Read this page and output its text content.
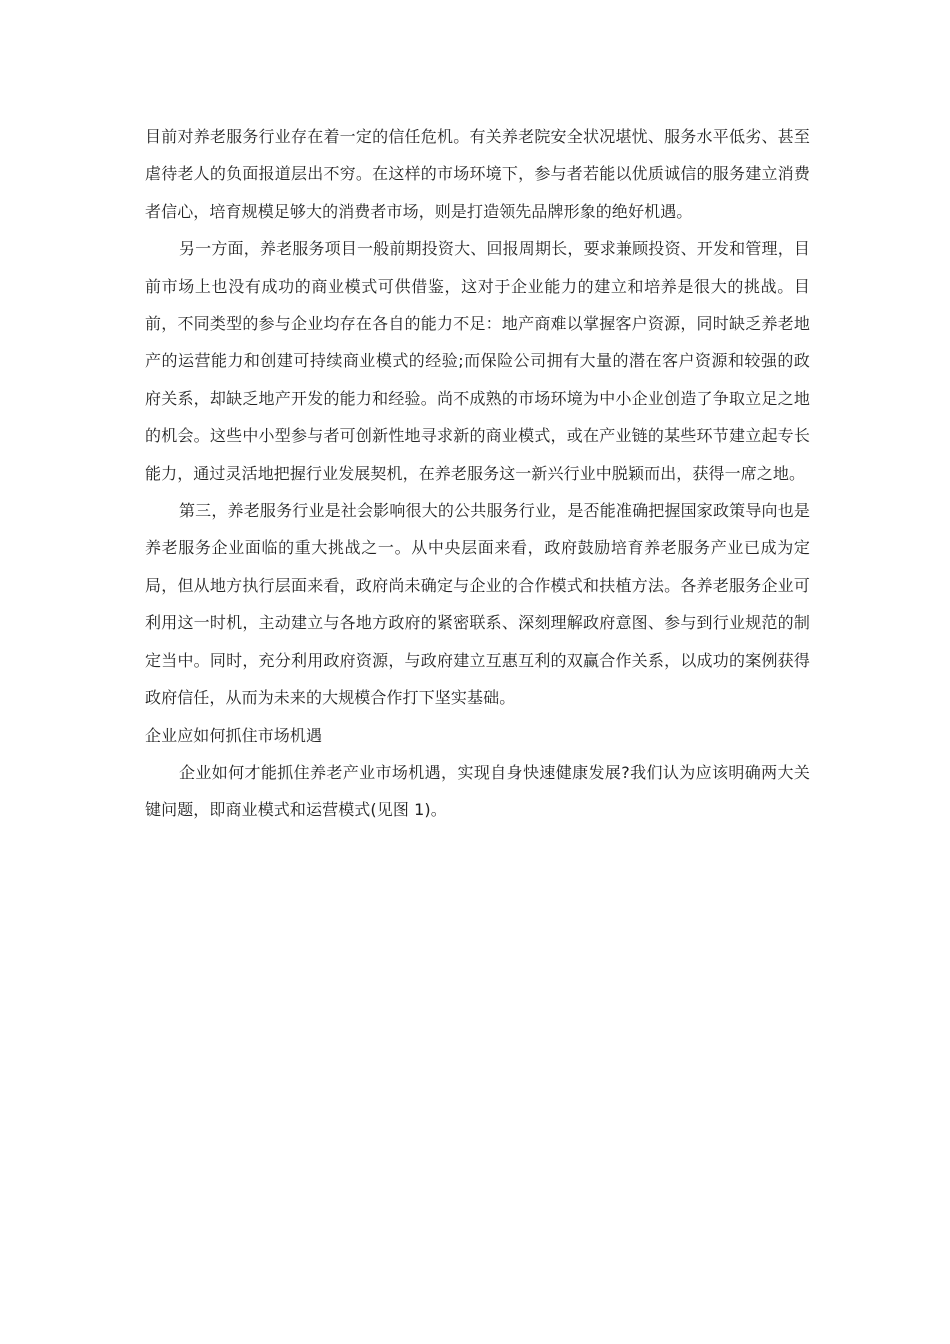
目前对养老服务行业存在着一定的信任危机。有关养老院安全状况堪忧、服务水平低劣、甚至虐待老人的负面报道层出不穷。在这样的市场环境下，参与者若能以优质诚信的服务建立消费者信心，培育规模足够大的消费者市场，则是打造领先品牌形象的绝好机遇。

另一方面，养老服务项目一般前期投资大、回报周期长，要求兼顾投资、开发和管理，目前市场上也没有成功的商业模式可供借鉴，这对于企业能力的建立和培养是很大的挑战。目前，不同类型的参与企业均存在各自的能力不足：地产商难以掌握客户资源，同时缺乏养老地产的运营能力和创建可持续商业模式的经验;而保险公司拥有大量的潜在客户资源和较强的政府关系，却缺乏地产开发的能力和经验。尚不成熟的市场环境为中小企业创造了争取立足之地的机会。这些中小型参与者可创新性地寻求新的商业模式，或在产业链的某些环节建立起专长能力，通过灵活地把握行业发展契机，在养老服务这一新兴行业中脱颖而出，获得一席之地。

第三，养老服务行业是社会影响很大的公共服务行业，是否能准确把握国家政策导向也是养老服务企业面临的重大挑战之一。从中央层面来看，政府鼓励培育养老服务产业已成为定局，但从地方执行层面来看，政府尚未确定与企业的合作模式和扶植方法。各养老服务企业可利用这一时机，主动建立与各地方政府的紧密联系、深刻理解政府意图、参与到行业规范的制定当中。同时，充分利用政府资源，与政府建立互惠互利的双赢合作关系，以成功的案例获得政府信任，从而为未来的大规模合作打下坚实基础。

企业应如何抓住市场机遇

企业如何才能抓住养老产业市场机遇，实现自身快速健康发展?我们认为应该明确两大关键问题，即商业模式和运营模式(见图 1)。
